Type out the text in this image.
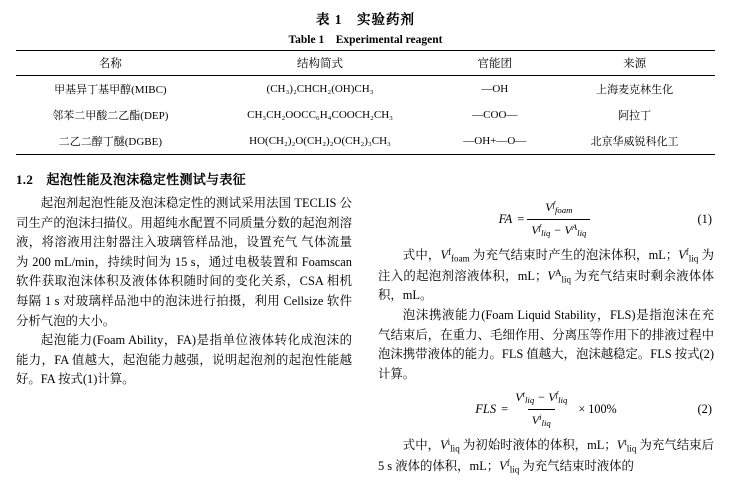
表 1　实验药剂
Table 1　Experimental reagent
名称	结构简式	官能团	来源
甲基异丁基甲醇(MIBC)	(CH₃)₂CHCH₂(OH)CH₃	—OH	上海麦克林生化
邻苯二甲酸二乙酯(DEP)	CH₃CH₂OOCC₆H₄COOCH₂CH₃	—COO—	阿拉丁
二乙二醇丁醚(DGBE)	HO(CH₂)₂O(CH₂)₂O(CH₂)₃CH₃	—OH+—O—	北京华威锐科化工
1.2　起泡性能及泡沫稳定性测试与表征

起泡剂起泡性能及泡沫稳定性的测试采用法国 TECLIS 公司生产的泡沫扫描仪。用超纯水配置不同质量分数的起泡剂溶液，将溶液用注射器注入玻璃管样品池，设置充气 气体流量为 200 mL/min，持续时间为 15 s，通过电极装置和 Foamscan 软件获取泡沫体积及液体体积随时间的变化关系，CSA 相机每隔 1 s 对玻璃样品池中的泡沫进行拍摄，利用 Cellsize 软件分析气泡的大小。

起泡能力(Foam Ability，FA)是指单位液体转化成泡沫的能力，FA 值越大，起泡能力越强，说明起泡剂的起泡性能越好。FA 按式(1)计算。

FA = $\frac{V^f_{foam}}{V^f_{liq} - V^A_{liq}}$	(1)

式中，$V^f_{foam}$ 为充气结束时产生的泡沫体积，mL；$V^f_{liq}$ 为注入的起泡剂溶液体积，mL；$V^A_{liq}$ 为充气结束时剩余液体体积，mL。

泡沫携液能力(Foam Liquid Stability，FLS)是指泡沫在充气结束后，在重力、毛细作用、分离压等作用下的排液过程中泡沫携带液体的能力。FLS 值越大，泡沫越稳定。FLS 按式(2)计算。

FLS = $\frac{V^t_{liq} - V^f_{liq}}{V^i_{liq}} \times 100\%$	(2)

式中，$V^i_{liq}$ 为初始时液体的体积，mL；$V^t_{liq}$ 为充气结束后 5 s 液体的体积，mL；$V^f_{liq}$ 为充气结束时液体的
